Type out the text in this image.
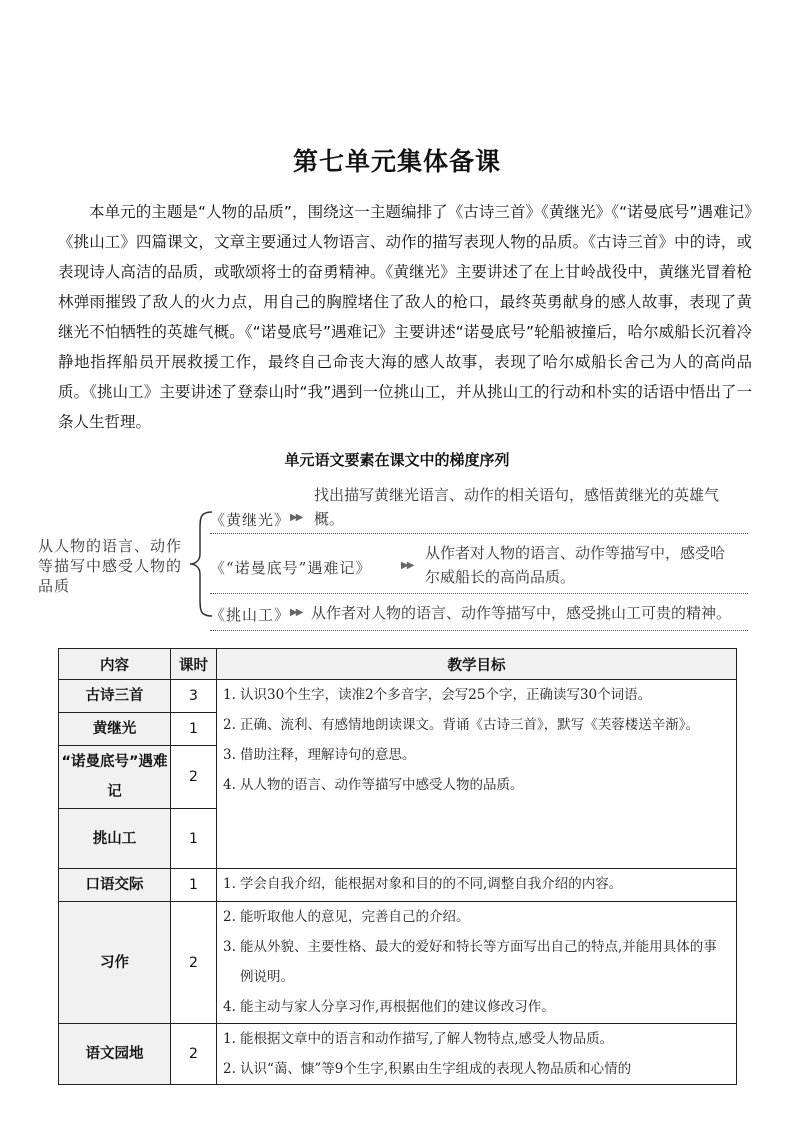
第七单元集体备课
本单元的主题是“人物的品质”，围绕这一主题编排了《古诗三首》《黄继光》《“诺曼底号”遇难记》《挑山工》四篇课文，文章主要通过人物语言、动作的描写表现人物的品质。《古诗三首》中的诗，或表现诗人高洁的品质，或歌颂将士的奋勇精神。《黄继光》主要讲述了在上甘岭战役中，黄继光冒着枪林弹雨摧毁了敌人的火力点，用自己的胸膛堵住了敌人的枪口，最终英勇献身的感人故事，表现了黄继光不怕牺牲的英雄气概。《“诺曼底号”遇难记》主要讲述“诺曼底号”轮船被撞后，哈尔威船长沉着冷静地指挥船员开展救援工作，最终自己命丧大海的感人故事，表现了哈尔威船长舍己为人的高尚品质。《挑山工》主要讲述了登泰山时“我”遇到一位挑山工，并从挑山工的行动和朴实的话语中悟出了一条人生哲理。
单元语文要素在课文中的梯度序列
从人物的语言、动作等描写中感受人物的品质
《黄继光》 ▶▶
找出描写黄继光语言、动作的相关语句，感悟黄继光的英雄气概。
《“诺曼底号”遇难记》	▶▶
从作者对人物的语言、动作等描写中，感受哈尔威船长的高尚品质。
《挑山工》 ▶▶ 从作者对人物的语言、动作等描写中，感受挑山工可贵的精神。
内容	课时	教学目标
古诗三首	3	1. 认识30个生字，读准2个多音字，会写25个字，正确读写30个词语。
2. 正确、流利、有感情地朗读课文。背诵《古诗三首》，默写《芙蓉楼送辛渐》。
3. 借助注释，理解诗句的意思。
4. 从人物的语言、动作等描写中感受人物的品质。

黄继光	1	
“诺曼底号”遇难记	2	
挑山工	1	
口语交际	1	1. 学会自我介绍，能根据对象和目的的不同,调整自我介绍的内容。

习作	2	2. 能听取他人的意见，完善自己的介绍。
3. 能从外貌、主要性格、最大的爱好和特长等方面写出自己的特点,并能用具体的事例说明。
4. 能主动与家人分享习作,再根据他们的建议修改习作。

语文园地	2	1. 能根据文章中的语言和动作描写,了解人物特点,感受人物品质。
2. 认识“蔼、慷”等9个生字,积累由生字组成的表现人物品质和心情的
